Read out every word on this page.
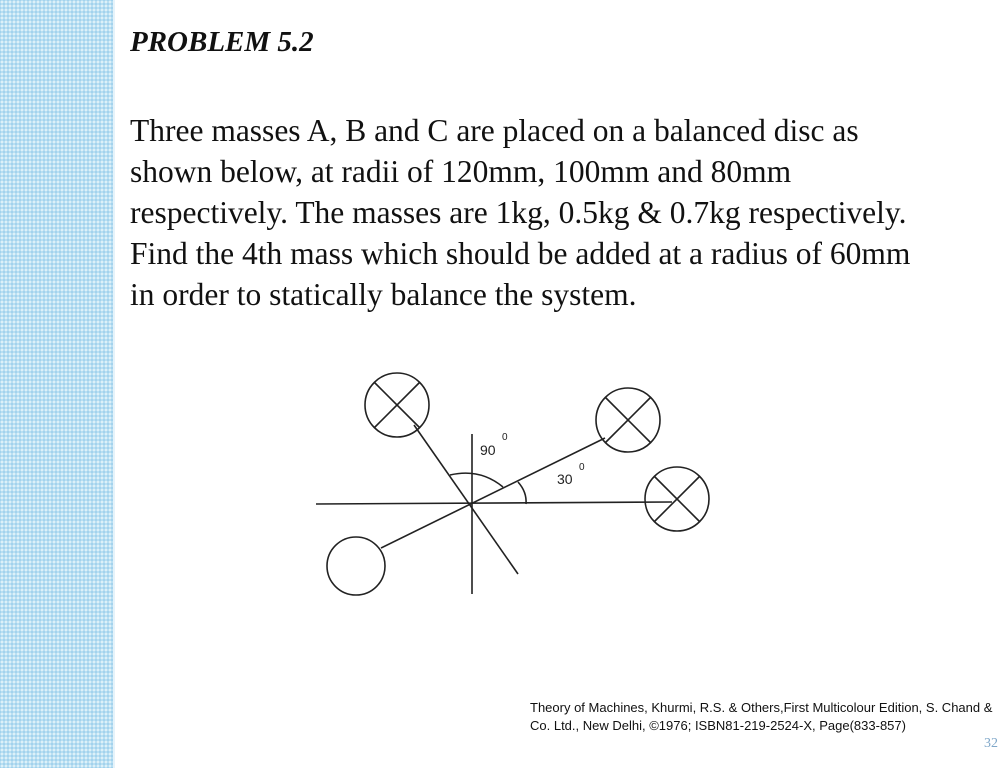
PROBLEM 5.2
Three masses A, B and C are placed on a balanced disc as
shown below, at radii of 120mm, 100mm and 80mm
respectively. The masses are 1kg, 0.5kg & 0.7kg respectively.
Find the 4th mass which should be added at a radius of 60mm
in order to statically balance the system.
90
0
30
0

Theory of Machines, Khurmi, R.S. & Others,First Multicolour Edition, S. Chand & Co. Ltd., New Delhi, ©1976; ISBN81-219-2524-X, Page(833-857)

32
